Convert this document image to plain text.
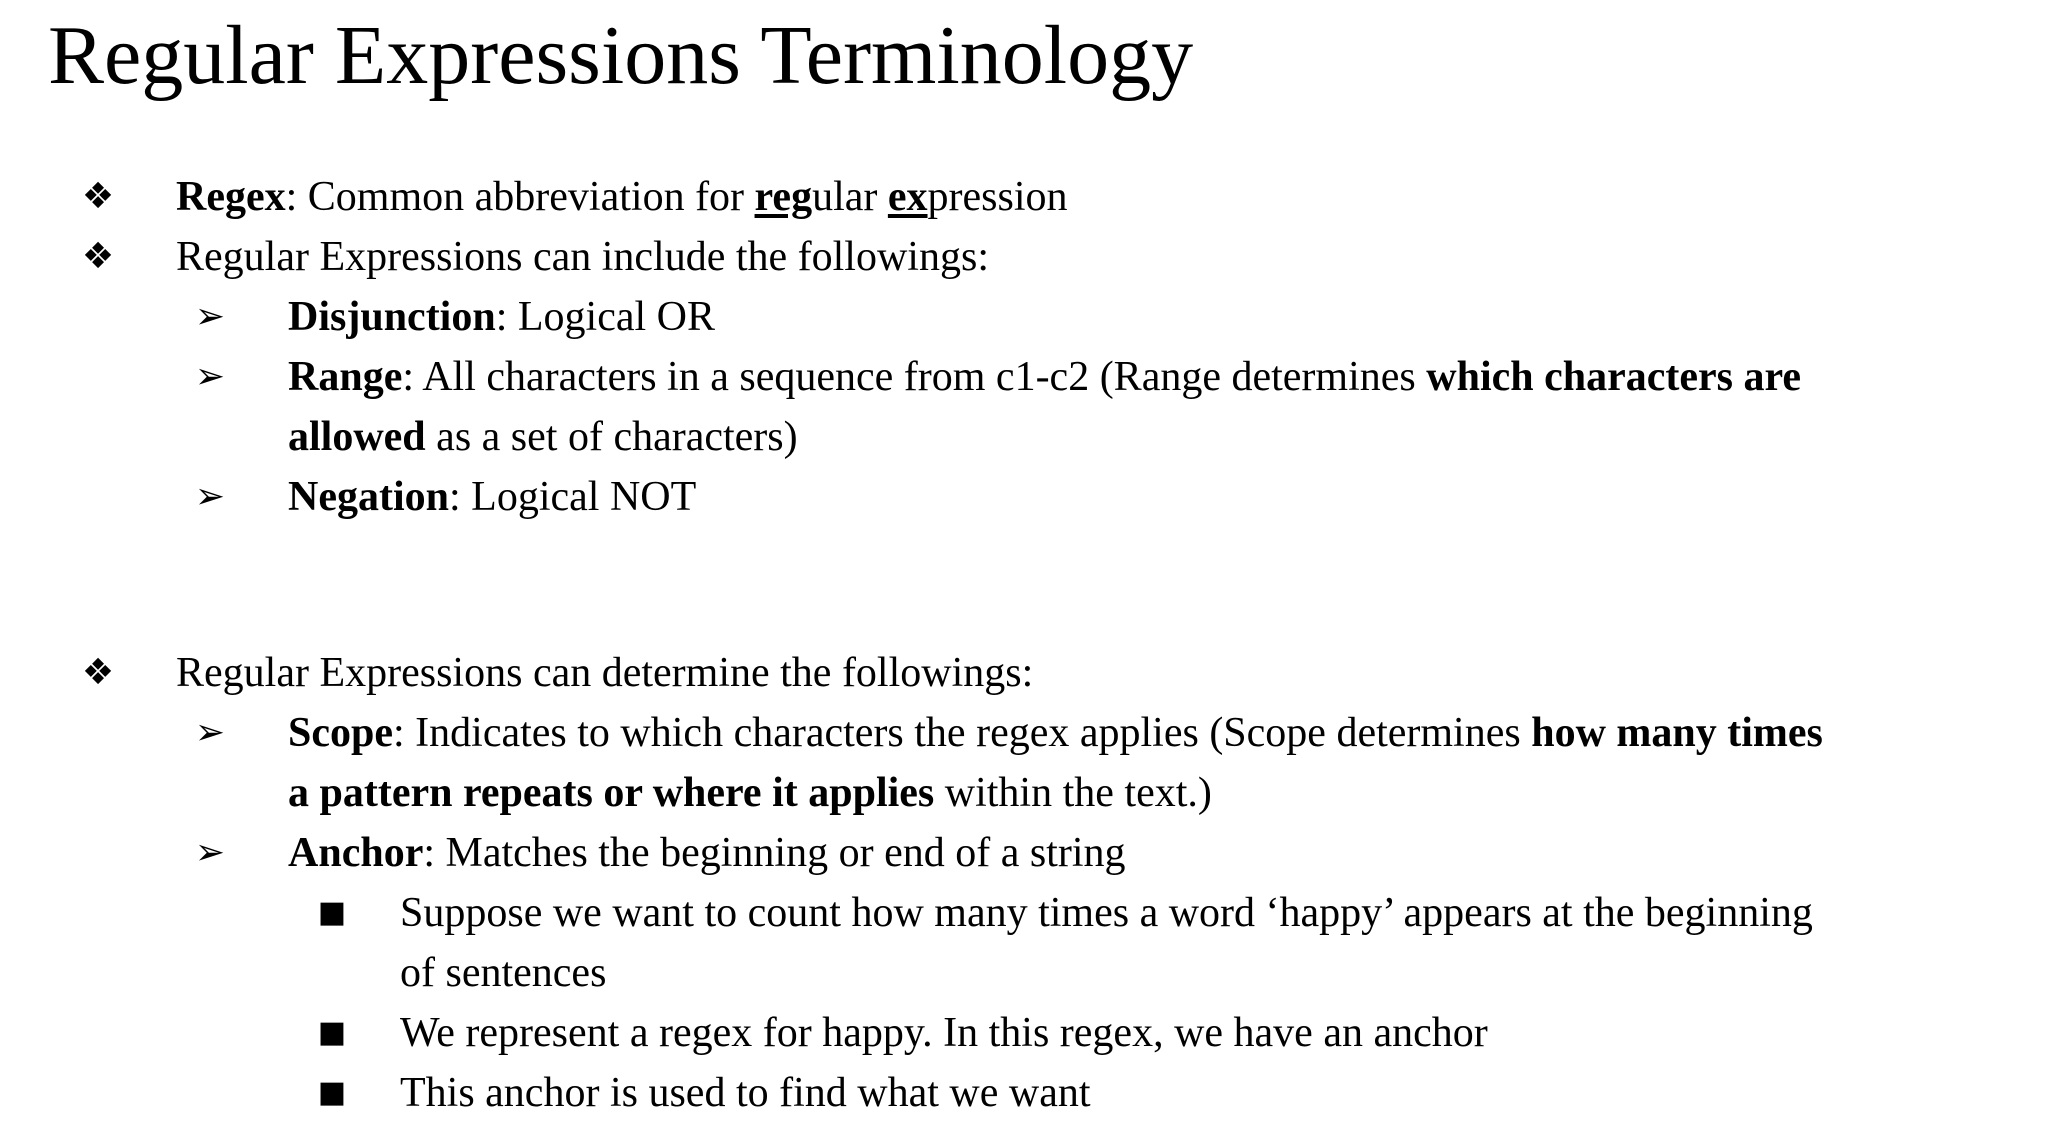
Regular Expressions Terminology
❖ Regex: Common abbreviation for regular expression
❖ Regular Expressions can include the followings:
➢ Disjunction: Logical OR
➢ Range: All characters in a sequence from c1-c2 (Range determines which characters are
allowed as a set of characters)
➢ Negation: Logical NOT
❖ Regular Expressions can determine the followings:
➢ Scope: Indicates to which characters the regex applies (Scope determines how many times
a pattern repeats or where it applies within the text.)
➢ Anchor: Matches the beginning or end of a string
■ Suppose we want to count how many times a word ‘happy’ appears at the beginning
of sentences
■ We represent a regex for happy. In this regex, we have an anchor
■ This anchor is used to find what we want
